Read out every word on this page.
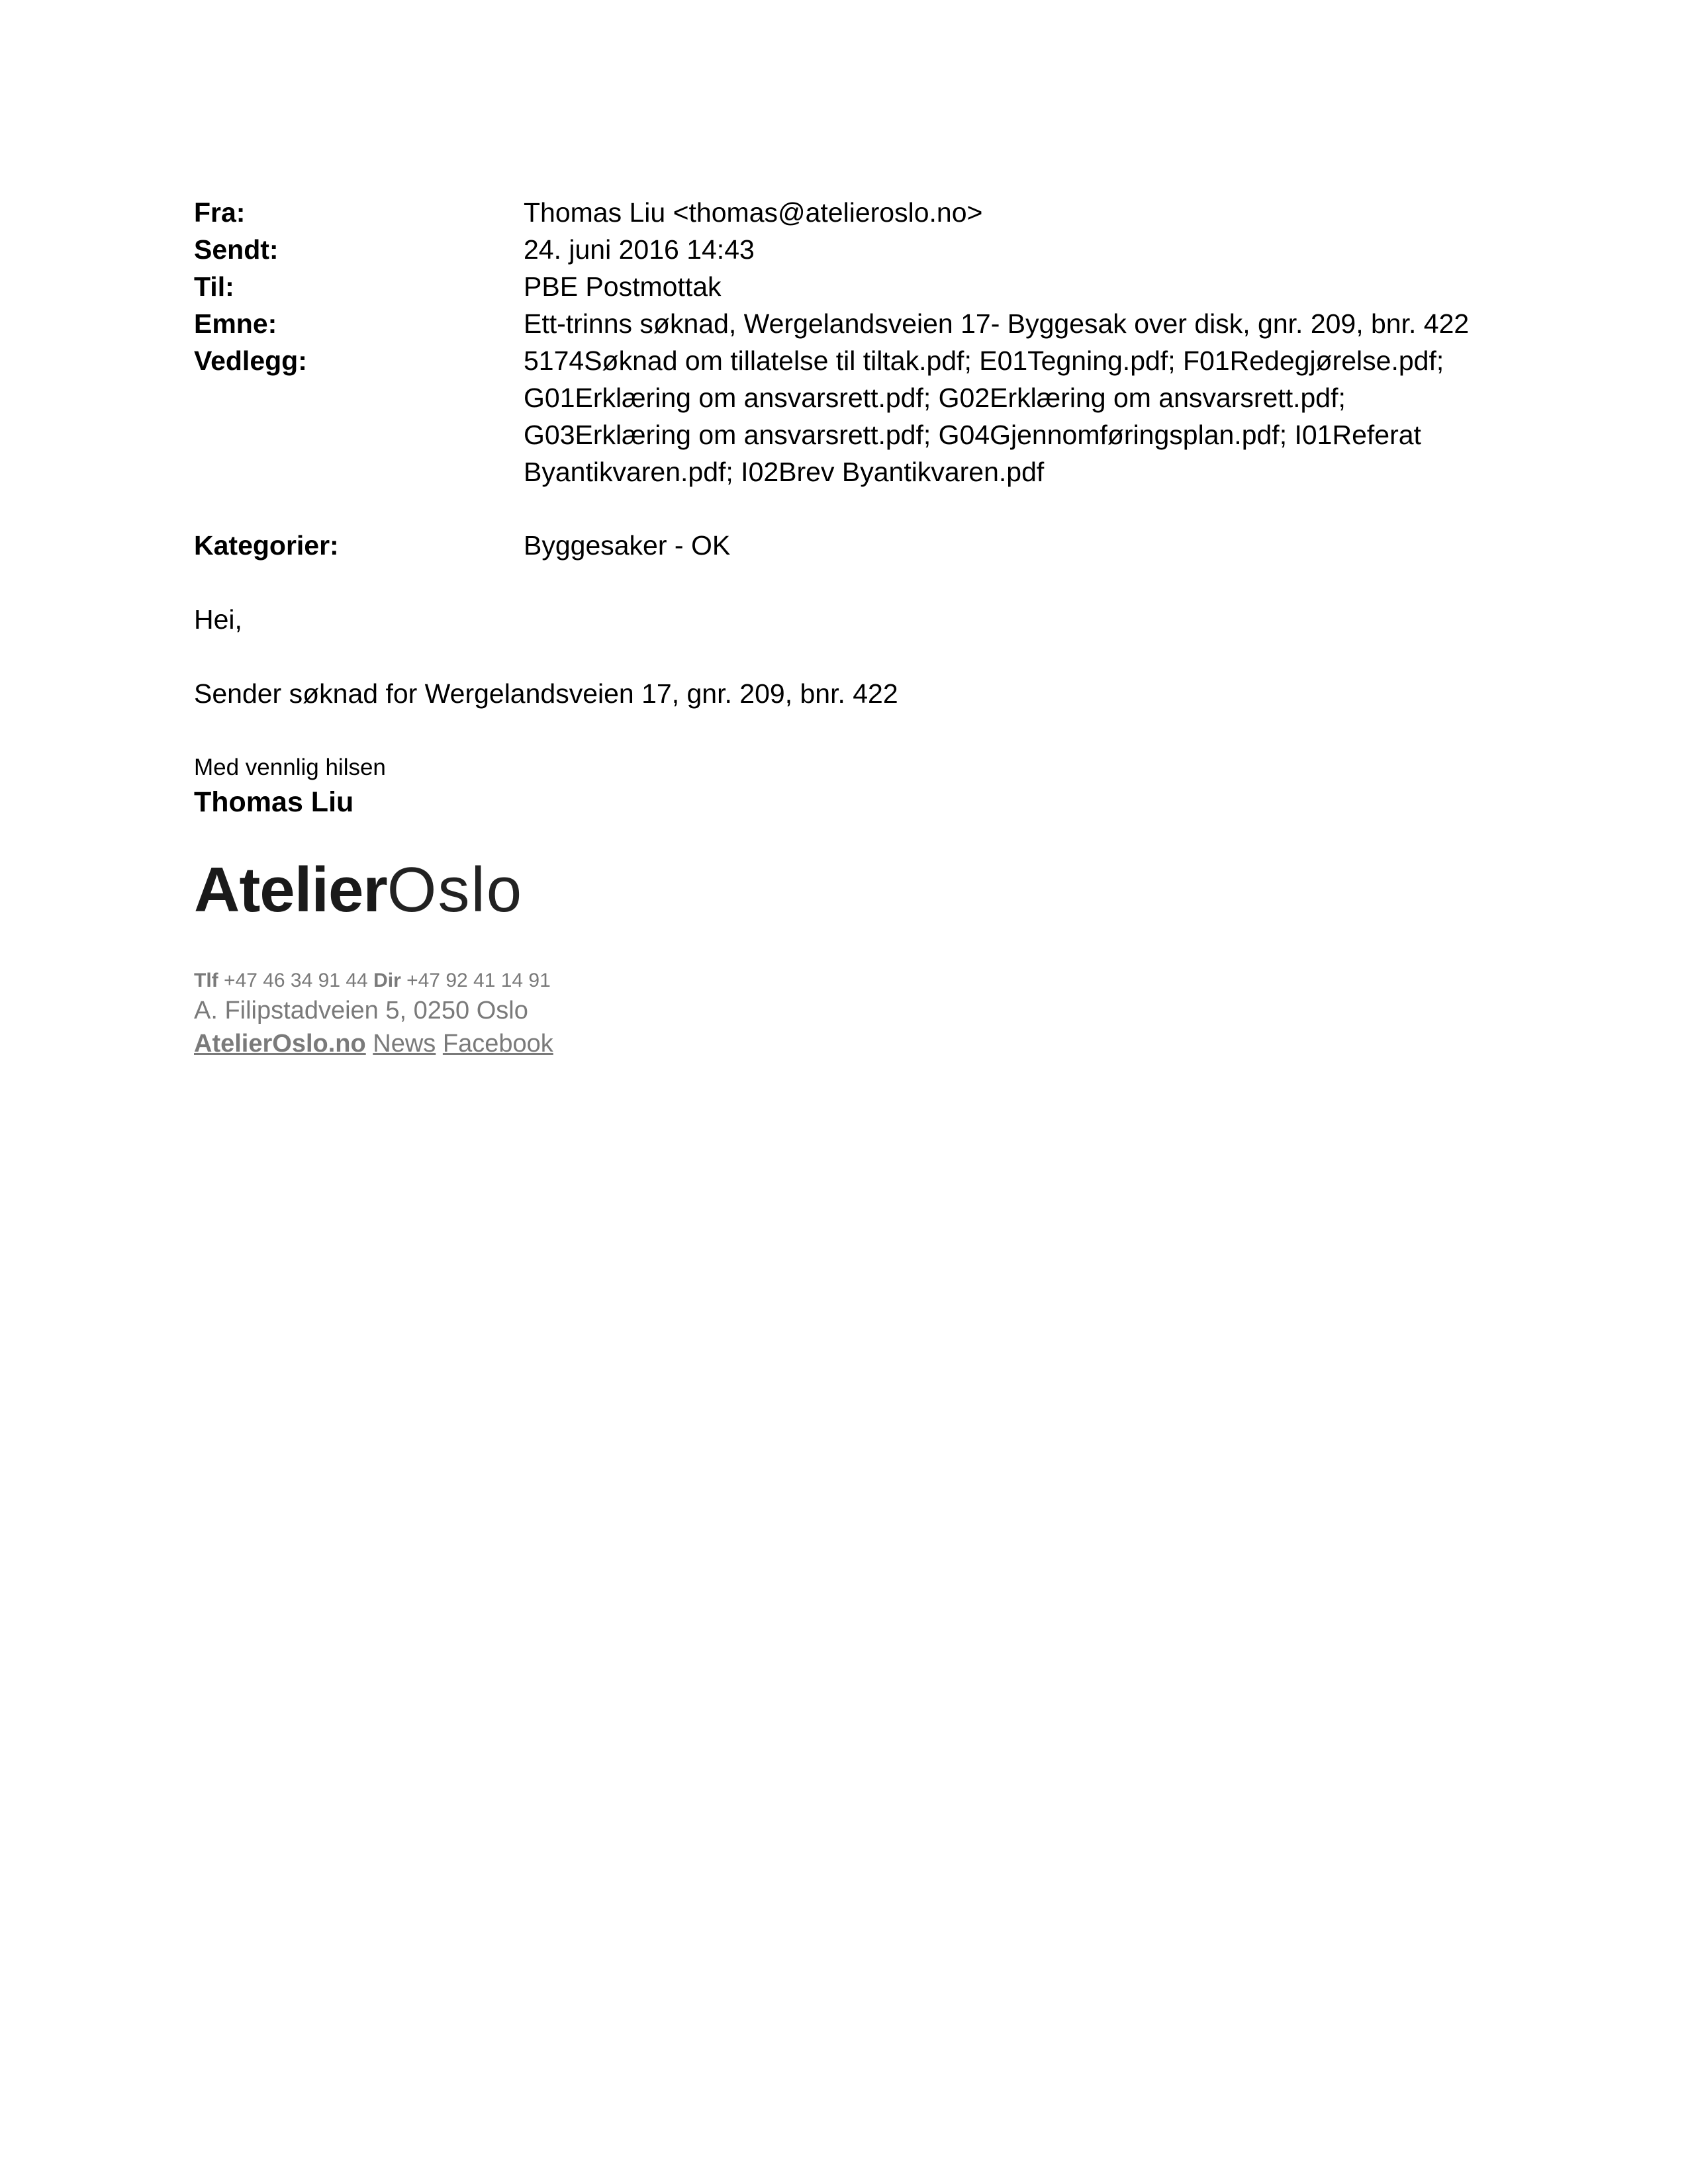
Fra:	Thomas Liu <thomas@atelieroslo.no>
Sendt:	24. juni 2016 14:43
Til:	PBE Postmottak
Emne:	Ett-trinns søknad, Wergelandsveien 17- Byggesak over disk, gnr. 209, bnr. 422
Vedlegg:	5174Søknad om tillatelse til tiltak.pdf; E01Tegning.pdf; F01Redegjørelse.pdf;
G01Erklæring om ansvarsrett.pdf; G02Erklæring om ansvarsrett.pdf;
G03Erklæring om ansvarsrett.pdf; G04Gjennomføringsplan.pdf; I01Referat
Byantikvaren.pdf; I02Brev Byantikvaren.pdf
Kategorier:	Byggesaker - OK
Hei,
Sender søknad for Wergelandsveien 17, gnr. 209, bnr. 422
Med vennlig hilsen
Thomas Liu
AtelierOslo
Tlf +47 46 34 91 44 Dir +47 92 41 14 91
A. Filipstadveien 5, 0250 Oslo
AtelierOslo.no News Facebook
